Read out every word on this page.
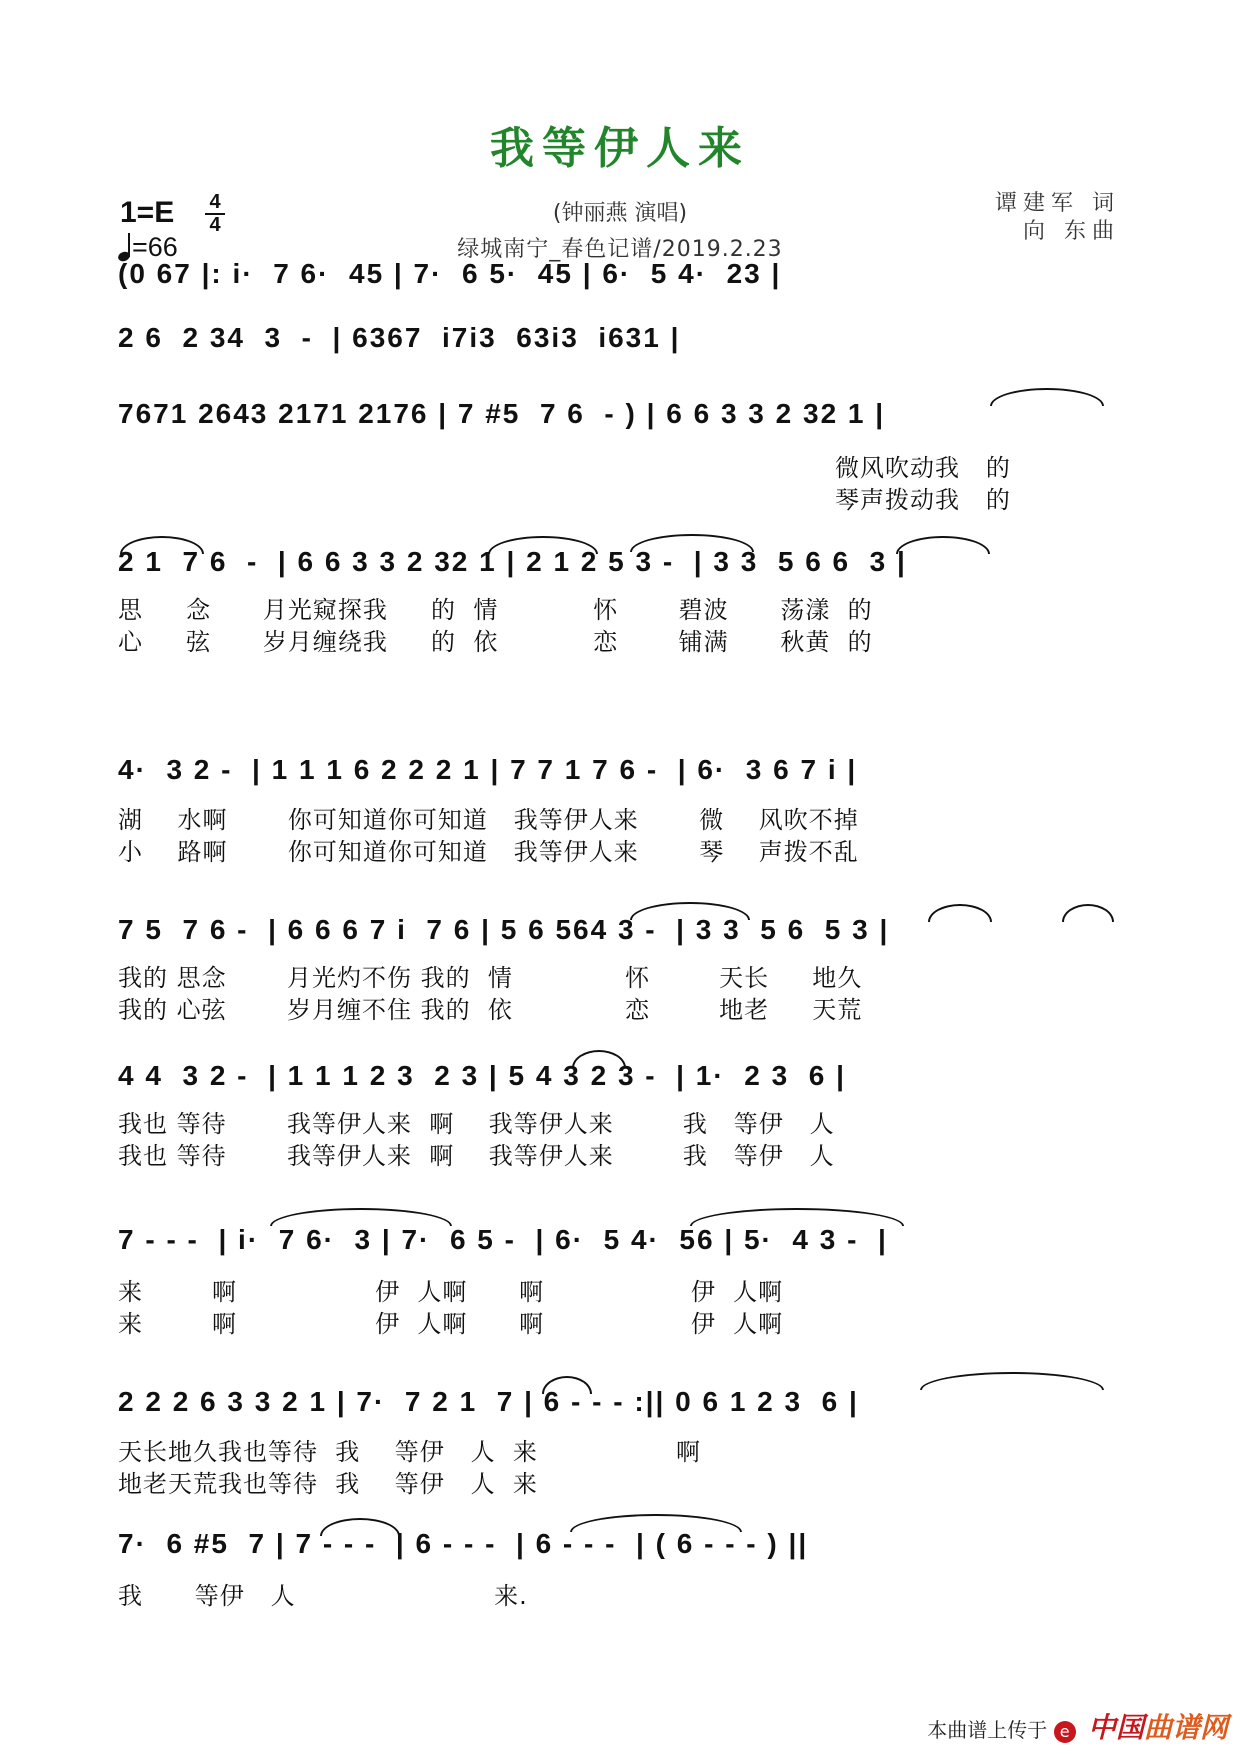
我等伊人来
1=E 4
4
=66
(钟丽燕 演唱)
绿城南宁_春色记谱/2019.2.23
谭建军 词
向 东曲
(0 67 |: i·  7 6·  45 | 7·  6 5·  45 | 6·  5 4·  23 |
2 6  2 34  3  -  | 6367  i7i3  63i3  i631 |
7671 2643 2171 2176 | 7 #5  7 6  - ) | 6 6 3 3 2 32 1 |
微风吹动我   的
琴声拨动我   的
2 1  7 6  -  | 6 6 3 3 2 32 1 | 2 1 2 5 3 -  | 3 3  5 6 6  3 |
思     念      月光窥探我     的  情           怀       碧波      荡漾  的
心     弦      岁月缠绕我     的  依           恋       铺满      秋黄  的
4·  3 2 -  | 1 1 1 6 2 2 2 1 | 7 7 1 7 6 -  | 6·  3 6 7 i |
湖    水啊       你可知道你可知道   我等伊人来       微    风吹不掉
小    路啊       你可知道你可知道   我等伊人来       琴    声拨不乱
7 5  7 6 -  | 6 6 6 7 i  7 6 | 5 6 564 3 -  | 3 3  5 6  5 3 |
我的 思念       月光灼不伤 我的  情             怀        天长     地久
我的 心弦       岁月缠不住 我的  依             恋        地老     天荒
4 4  3 2 -  | 1 1 1 2 3  2 3 | 5 4 3 2 3 -  | 1·  2 3  6 |
我也 等待       我等伊人来  啊    我等伊人来        我   等伊   人
我也 等待       我等伊人来  啊    我等伊人来        我   等伊   人
7 - - -  | i·  7 6·  3 | 7·  6 5 -  | 6·  5 4·  56 | 5·  4 3 -  |
来        啊                伊  人啊      啊                 伊  人啊
来        啊                伊  人啊      啊                 伊  人啊
2 2 2 6 3 3 2 1 | 7·  7 2 1  7 | 6 - - - :|| 0 6 1 2 3  6 |
天长地久我也等待  我    等伊   人  来                啊
地老天荒我也等待  我    等伊   人  来
7·  6 #5  7 | 7 - - -  | 6 - - -  | 6 - - -  | ( 6 - - - ) ||
我      等伊   人                       来.
本曲谱上传于 e 中国曲谱网
